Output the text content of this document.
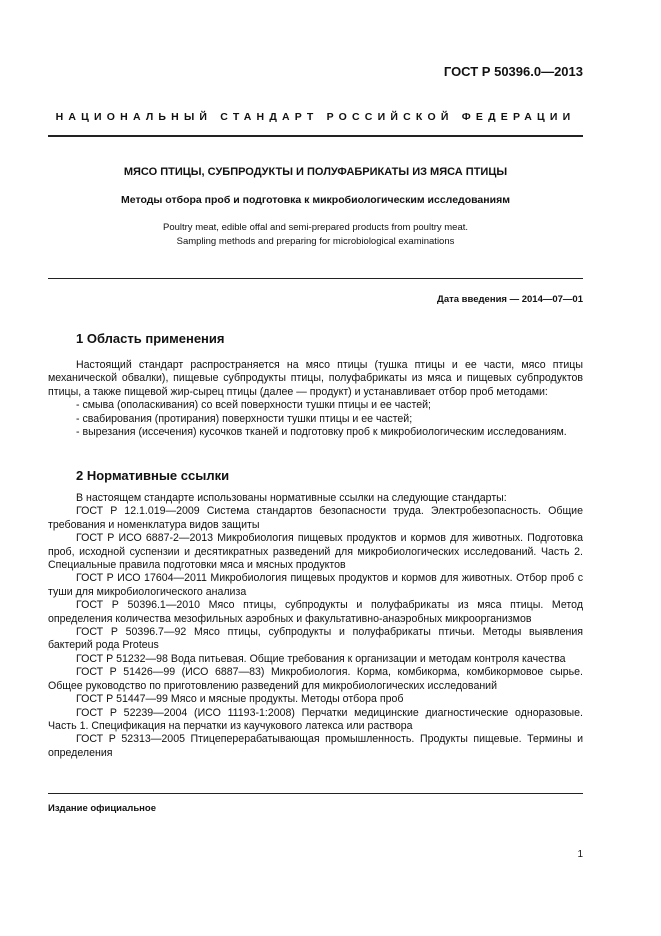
ГОСТ Р 50396.0—2013
НАЦИОНАЛЬНЫЙ СТАНДАРТ РОССИЙСКОЙ ФЕДЕРАЦИИ
МЯСО ПТИЦЫ, СУБПРОДУКТЫ И ПОЛУФАБРИКАТЫ ИЗ МЯСА ПТИЦЫ
Методы отбора проб и подготовка к микробиологическим исследованиям
Poultry meat, edible offal and semi-prepared products from poultry meat.
Sampling methods and preparing for microbiological examinations
Дата введения — 2014—07—01
1 Область применения

Настоящий стандарт распространяется на мясо птицы (тушка птицы и ее части, мясо птицы механической обвалки), пищевые субпродукты птицы, полуфабрикаты из мяса и пищевых субпродуктов птицы, а также пищевой жир-сырец птицы (далее — продукт) и устанавливает отбор проб методами:

- смыва (ополаскивания) со всей поверхности тушки птицы и ее частей;

- свабирования (протирания) поверхности тушки птицы и ее частей;

- вырезания (иссечения) кусочков тканей и подготовку проб к микробиологическим исследованиям.

2 Нормативные ссылки

В настоящем стандарте использованы нормативные ссылки на следующие стандарты:

ГОСТ Р 12.1.019—2009 Система стандартов безопасности труда. Электробезопасность. Общие требования и номенклатура видов защиты

ГОСТ Р ИСО 6887-2—2013 Микробиология пищевых продуктов и кормов для животных. Подготовка проб, исходной суспензии и десятикратных разведений для микробиологических исследований. Часть 2. Специальные правила подготовки мяса и мясных продуктов

ГОСТ Р ИСО 17604—2011 Микробиология пищевых продуктов и кормов для животных. Отбор проб с туши для микробиологического анализа

ГОСТ Р 50396.1—2010 Мясо птицы, субпродукты и полуфабрикаты из мяса птицы. Метод определения количества мезофильных аэробных и факультативно-анаэробных микроорганизмов

ГОСТ Р 50396.7—92 Мясо птицы, субпродукты и полуфабрикаты птичьи. Методы выявления бактерий рода Proteus

ГОСТ Р 51232—98 Вода питьевая. Общие требования к организации и методам контроля качества

ГОСТ Р 51426—99 (ИСО 6887—83) Микробиология. Корма, комбикорма, комбикормовое сырье. Общее руководство по приготовлению разведений для микробиологических исследований

ГОСТ Р 51447—99 Мясо и мясные продукты. Методы отбора проб

ГОСТ Р 52239—2004 (ИСО 11193-1:2008) Перчатки медицинские диагностические одноразовые. Часть 1. Спецификация на перчатки из каучукового латекса или раствора

ГОСТ Р 52313—2005 Птицеперерабатывающая промышленность. Продукты пищевые. Термины и определения

Издание официальное
1
